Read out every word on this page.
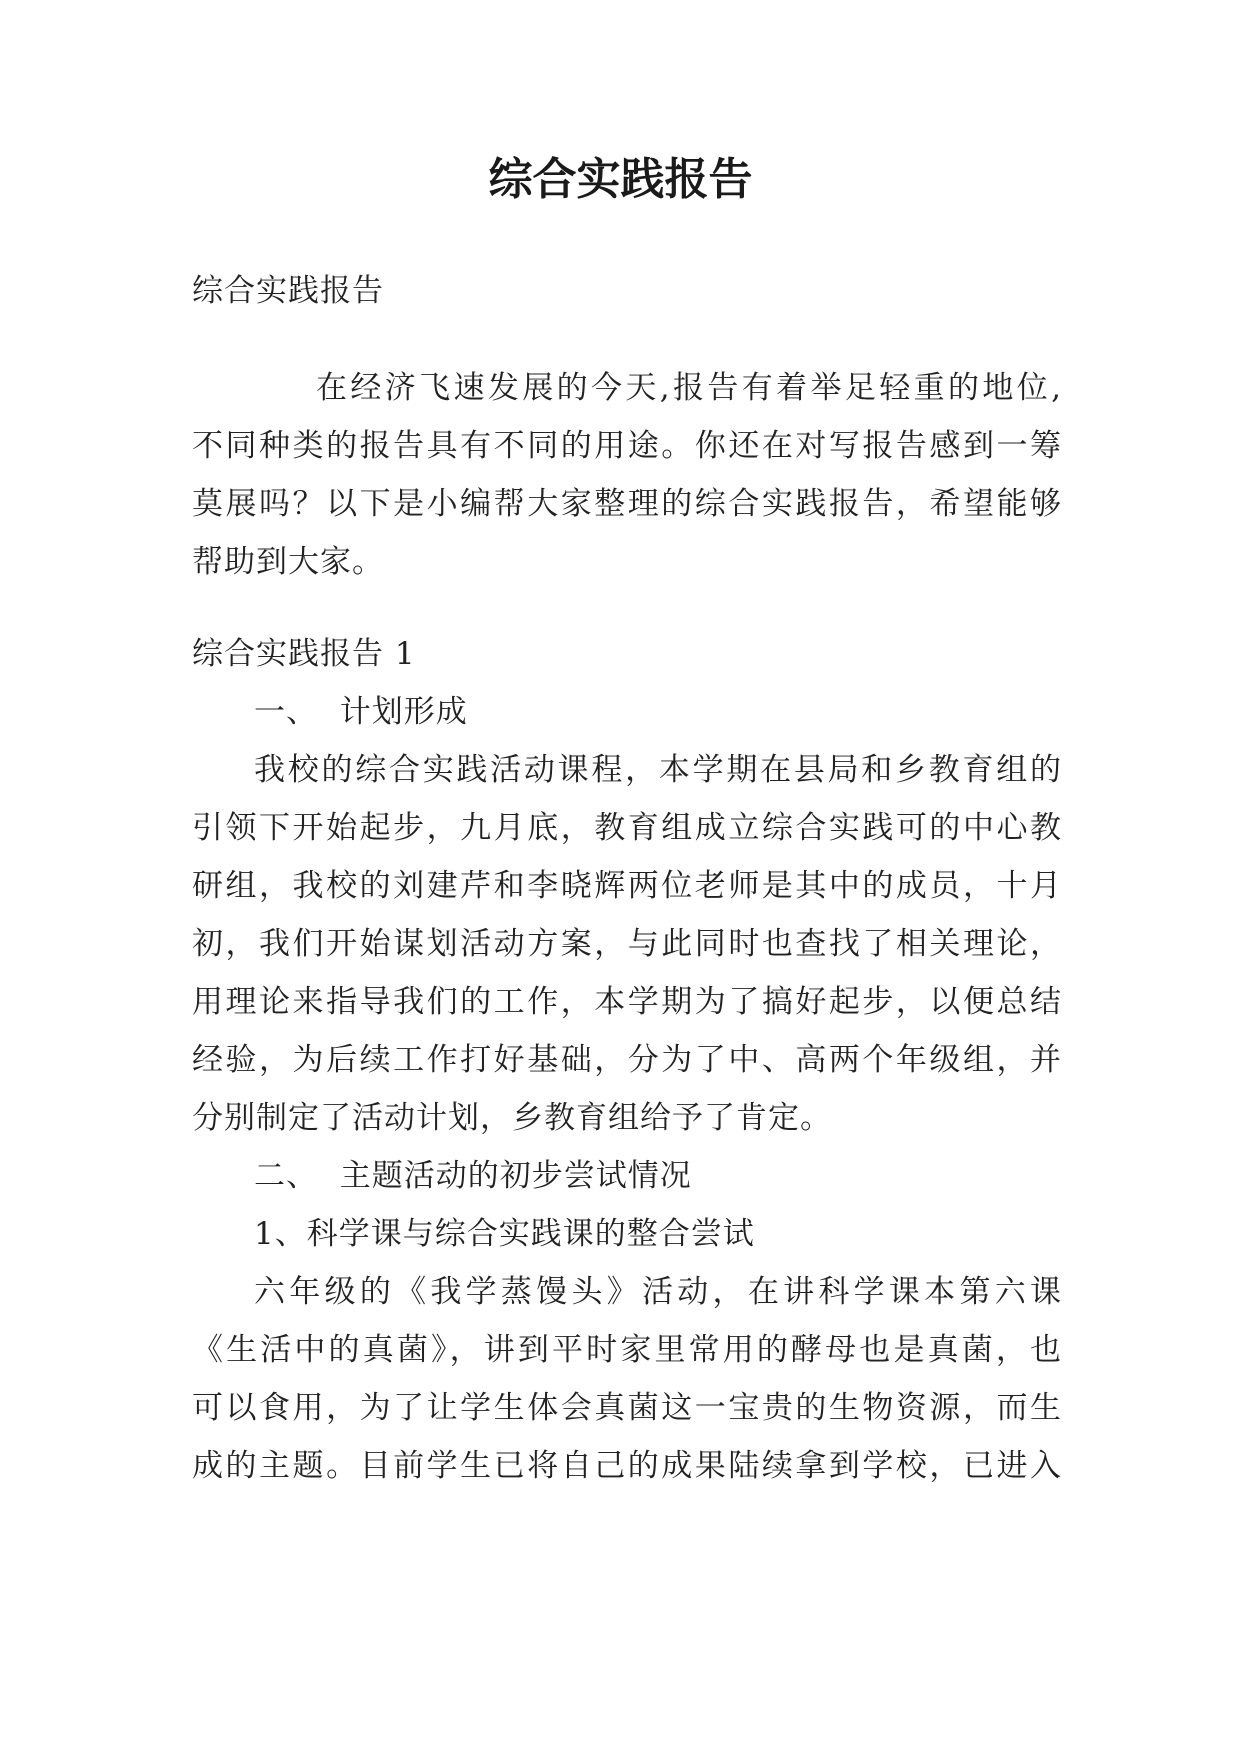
综合实践报告

综合实践报告

在经济飞速发展的今天,报告有着举足轻重的地位,
不同种类的报告具有不同的用途。你还在对写报告感到一筹
莫展吗？以下是小编帮大家整理的综合实践报告，希望能够
帮助到大家。

综合实践报告 1

一、  计划形成

我校的综合实践活动课程，本学期在县局和乡教育组的
引领下开始起步，九月底，教育组成立综合实践可的中心教
研组，我校的刘建芹和李晓辉两位老师是其中的成员，十月
初，我们开始谋划活动方案，与此同时也查找了相关理论，
用理论来指导我们的工作，本学期为了搞好起步，以便总结
经验，为后续工作打好基础，分为了中、高两个年级组，并
分别制定了活动计划，乡教育组给予了肯定。

二、  主题活动的初步尝试情况

1、科学课与综合实践课的整合尝试

六年级的《我学蒸馒头》活动，在讲科学课本第六课
《生活中的真菌》，讲到平时家里常用的酵母也是真菌，也
可以食用，为了让学生体会真菌这一宝贵的生物资源，而生
成的主题。目前学生已将自己的成果陆续拿到学校，已进入
